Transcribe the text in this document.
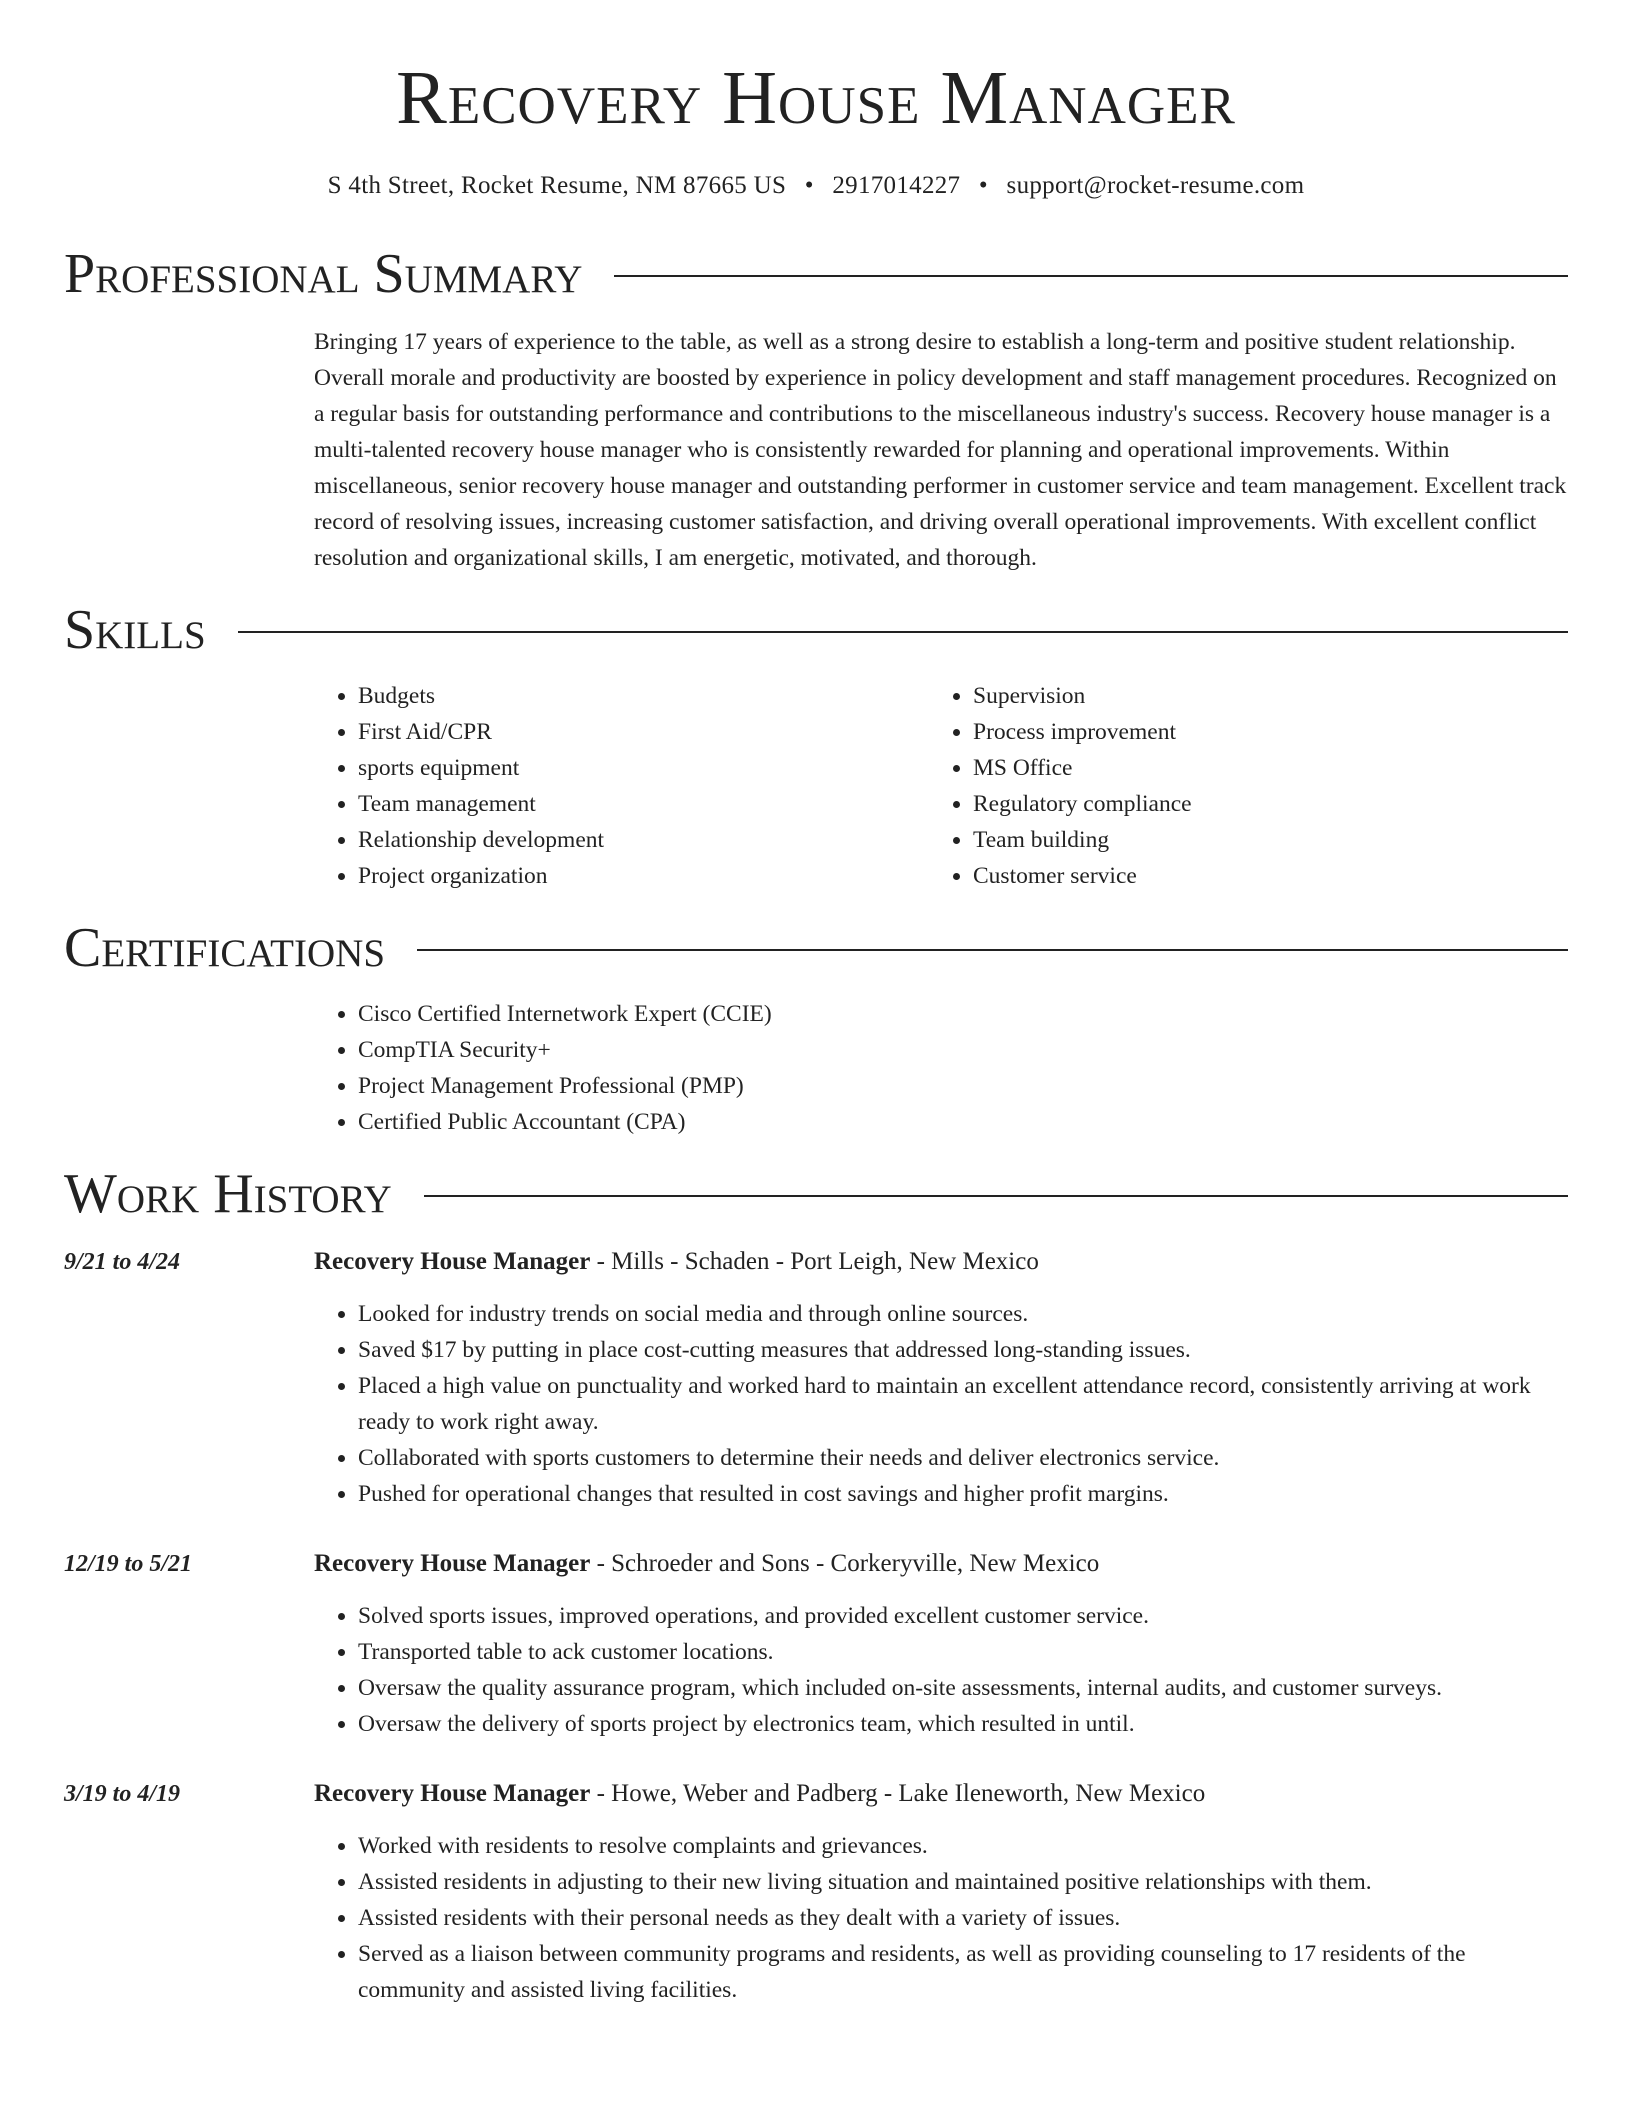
Recovery House Manager
S 4th Street, Rocket Resume, NM 87665 US • 2917014227 • support@rocket-resume.com
Professional Summary

Bringing 17 years of experience to the table, as well as a strong desire to establish a long-term and positive student relationship. Overall morale and productivity are boosted by experience in policy development and staff management procedures. Recognized on a regular basis for outstanding performance and contributions to the miscellaneous industry's success. Recovery house manager is a multi-talented recovery house manager who is consistently rewarded for planning and operational improvements. Within miscellaneous, senior recovery house manager and outstanding performer in customer service and team management. Excellent track record of resolving issues, increasing customer satisfaction, and driving overall operational improvements. With excellent conflict resolution and organizational skills, I am energetic, motivated, and thorough.

Skills
• Budgets
• First Aid/CPR
• sports equipment
• Team management
• Relationship development
• Project organization
• Supervision
• Process improvement
• MS Office
• Regulatory compliance
• Team building
• Customer service
Certifications
• Cisco Certified Internetwork Expert (CCIE)
• CompTIA Security+
• Project Management Professional (PMP)
• Certified Public Accountant (CPA)
Work History
9/21 to 4/24	Recovery House Manager - Mills - Schaden - Port Leigh, New Mexico
• Looked for industry trends on social media and through online sources.
• Saved $17 by putting in place cost-cutting measures that addressed long-standing issues.
• Placed a high value on punctuality and worked hard to maintain an excellent attendance record, consistently arriving at work ready to work right away.
• Collaborated with sports customers to determine their needs and deliver electronics service.
• Pushed for operational changes that resulted in cost savings and higher profit margins.
12/19 to 5/21	Recovery House Manager - Schroeder and Sons - Corkeryville, New Mexico
• Solved sports issues, improved operations, and provided excellent customer service.
• Transported table to ack customer locations.
• Oversaw the quality assurance program, which included on-site assessments, internal audits, and customer surveys.
• Oversaw the delivery of sports project by electronics team, which resulted in until.
3/19 to 4/19	Recovery House Manager - Howe, Weber and Padberg - Lake Ileneworth, New Mexico
• Worked with residents to resolve complaints and grievances.
• Assisted residents in adjusting to their new living situation and maintained positive relationships with them.
• Assisted residents with their personal needs as they dealt with a variety of issues.
• Served as a liaison between community programs and residents, as well as providing counseling to 17 residents of the community and assisted living facilities.
